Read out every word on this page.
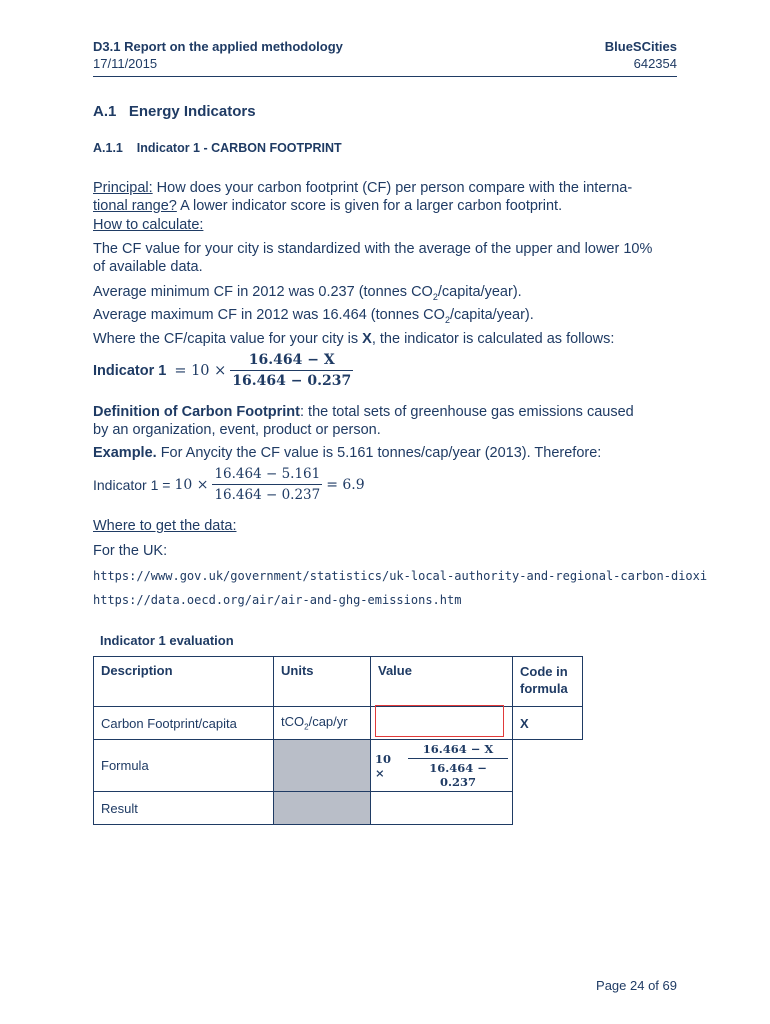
D3.1 Report on the applied methodology	BlueSCities
17/11/2015	642354
A.1 Energy Indicators
A.1.1 Indicator 1 - CARBON FOOTPRINT
Principal: How does your carbon footprint (CF) per person compare with the interna-
tional range? A lower indicator score is given for a larger carbon footprint.
How to calculate:
The CF value for your city is standardized with the average of the upper and lower 10%
of available data.
Average minimum CF in 2012 was 0.237 (tonnes $CO_2/capita/year$).
Average maximum CF in 2012 was 16.464 (tonnes $CO_2/capita/year$).
Where the CF/capita value for your city is X, the indicator is calculated as follows:
Indicator $1 = 10 \times \frac{16.464 - X}{16.464 - 0.237}$
Definition of Carbon Footprint: the total sets of greenhouse gas emissions caused
by an organization, event, product or person.
Example. For Anycity the CF value is 5.161 tonnes/cap/year (2013). Therefore:
Indicator $1 = 10 \times \frac{16.464 - 5.161}{16.464 - 0.237} = 6.9$
Where to get the data:
For the UK:
https://www.gov.uk/government/statistics/uk-local-authority-and-regional-carbon-dioxi
https://data.oecd.org/air/air-and-ghg-emissions.htm
Indicator 1 evaluation
Description	Units	Value	Code in formula
Carbon Footprint/capita	tCO$_2$/cap/yr		X
Formula		$10 \times \frac{16.464 - X}{16.464 - 0.237}$

Result			
Page 24 of 69
